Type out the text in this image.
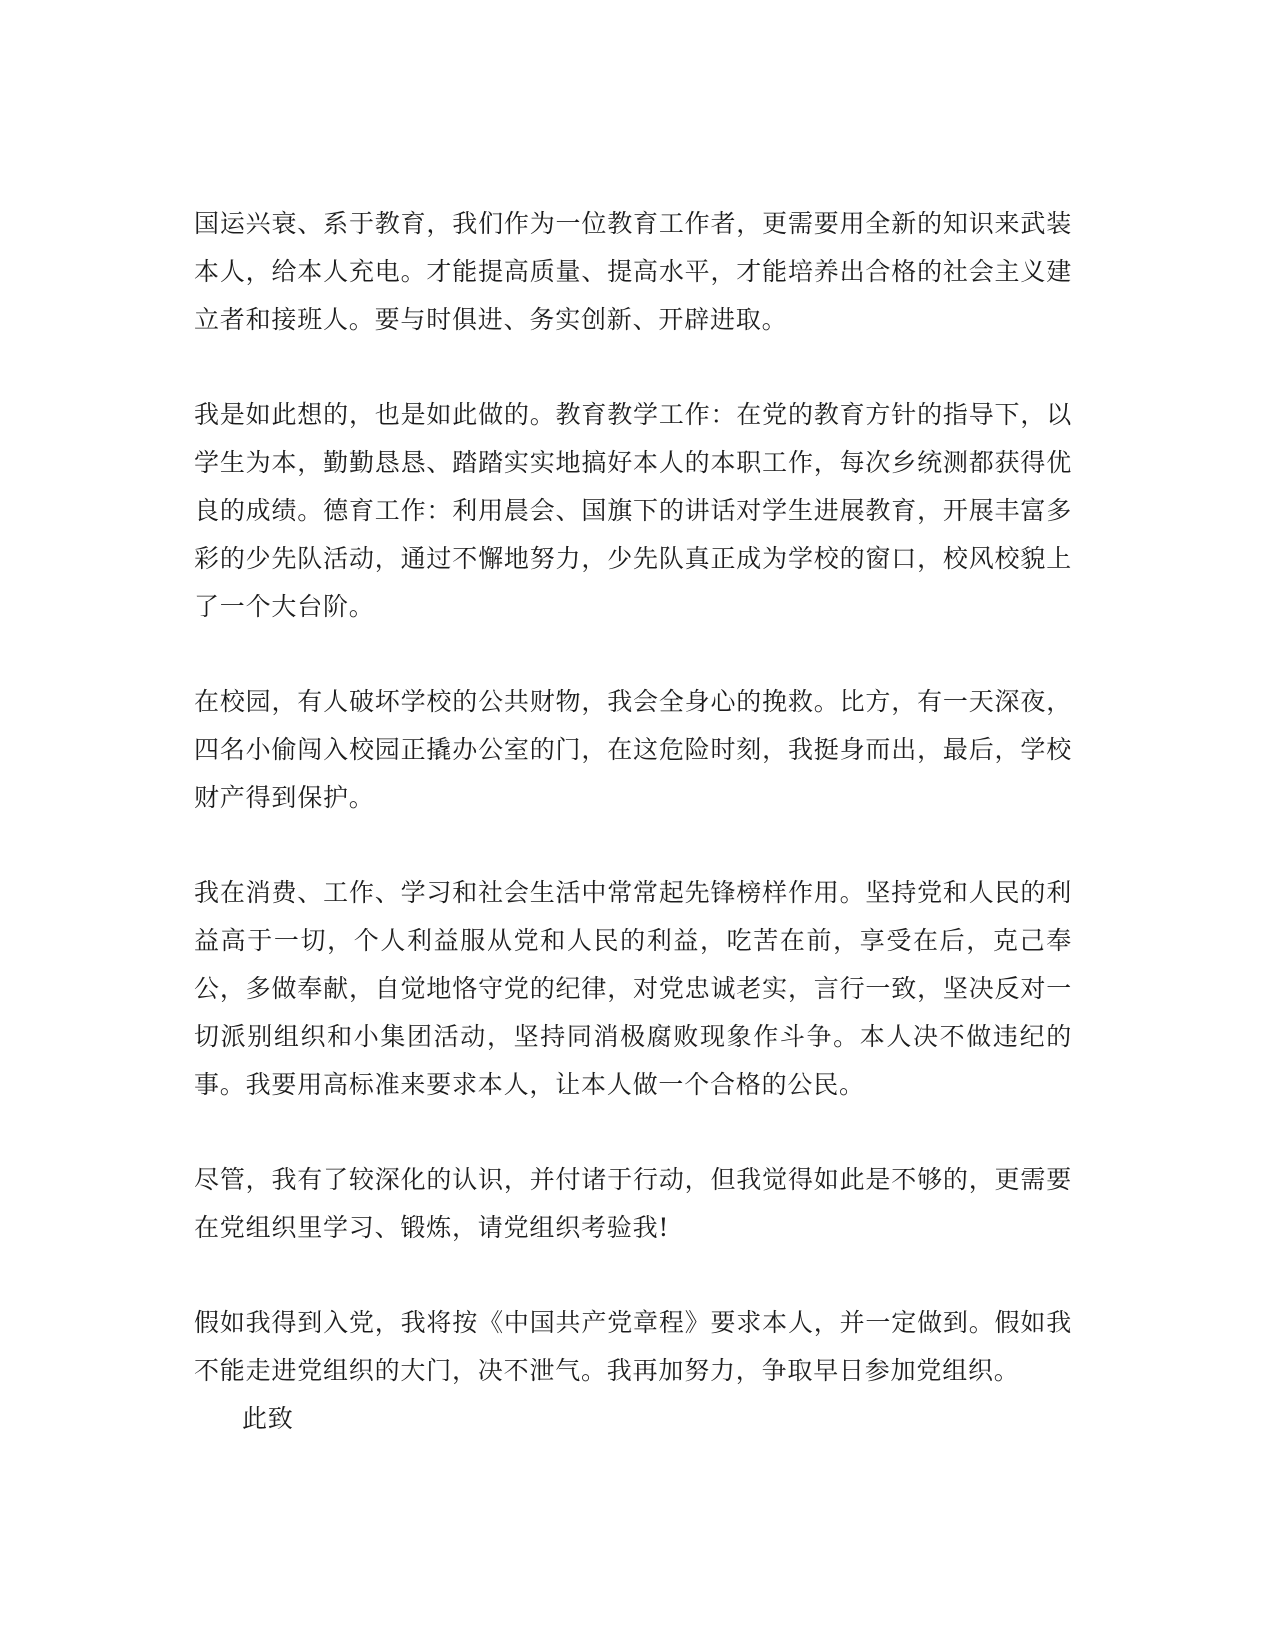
国运兴衰、系于教育，我们作为一位教育工作者，更需要用全新的知识来武装本人，给本人充电。才能提高质量、提高水平，才能培养出合格的社会主义建立者和接班人。要与时俱进、务实创新、开辟进取。

我是如此想的，也是如此做的。教育教学工作：在党的教育方针的指导下，以学生为本，勤勤恳恳、踏踏实实地搞好本人的本职工作，每次乡统测都获得优良的成绩。德育工作：利用晨会、国旗下的讲话对学生进展教育，开展丰富多彩的少先队活动，通过不懈地努力，少先队真正成为学校的窗口，校风校貌上了一个大台阶。

在校园，有人破坏学校的公共财物，我会全身心的挽救。比方，有一天深夜，四名小偷闯入校园正撬办公室的门，在这危险时刻，我挺身而出，最后，学校财产得到保护。

我在消费、工作、学习和社会生活中常常起先锋榜样作用。坚持党和人民的利益高于一切，个人利益服从党和人民的利益，吃苦在前，享受在后，克己奉公，多做奉献，自觉地恪守党的纪律，对党忠诚老实，言行一致，坚决反对一切派别组织和小集团活动，坚持同消极腐败现象作斗争。本人决不做违纪的事。我要用高标准来要求本人，让本人做一个合格的公民。

尽管，我有了较深化的认识，并付诸于行动，但我觉得如此是不够的，更需要在党组织里学习、锻炼，请党组织考验我!

假如我得到入党，我将按《中国共产党章程》要求本人，并一定做到。假如我不能走进党组织的大门，决不泄气。我再加努力，争取早日参加党组织。

此致
